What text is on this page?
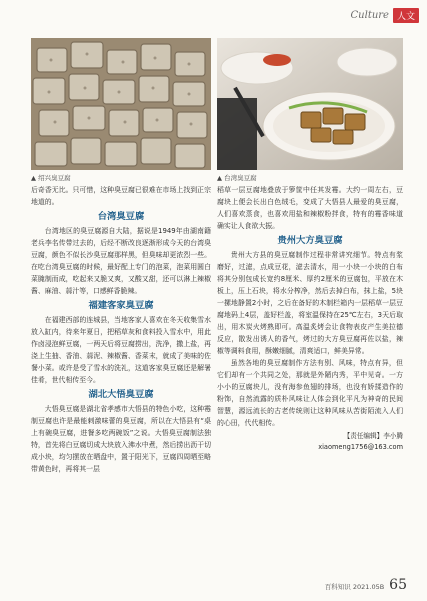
Culture 人文
▲ 绍兴臭豆腐	▲ 台湾臭豆腐

后奇香无比。只可惜，这种臭豆腐已很难在市场上找到正宗地道的。

台湾臭豆腐

台湾地区的臭豆腐源自大陆，据说是1949年由湖南籍老兵李名传带过去的，后经不断改良逐渐形成今天的台湾臭豆腐，颜色不似长沙臭豆腐那样黑，但臭味却更浓烈一些。在吃台湾臭豆腐的时候，最好配上专门的泡菜，泡菜用圆白菜腌制而成，吃起来又脆又爽，又酸又甜，还可以淋上辣椒酱、麻油、蒜汁等，口感鲜香脆辣。

福建客家臭豆腐

在福建西部的连城县，当地客家人喜欢在冬天收集雪水放入缸内，待来年夏日，把稻草灰和食料投入雪水中，用此作卤浸泡鲜豆腐，一两天后将豆腐捞出，洗净，撒上盐，再浇上生抽、香油、蒜泥、辣椒酱、香菜末，就成了美味的佐餐小菜。或许是受了雪水的洗礼，这道客家臭豆腐还是解暑佳肴，世代相传至今。

湖北大悟臭豆腐

大悟臭豆腐是湖北省孝感市大悟县的特色小吃，这种霉制豆腐也许是最能刺激味蕾的臭豆腐，所以在大悟县有“桌上有碗臭豆腐，进餐多吃两碗饭”之说。大悟臭豆腐制法独特，首先将白豆腐切成大块放入沸水中煮，然后捞出沥干切成小块，均匀摆放在晒盘中，置于阳光下，豆腐四周晒至略带黄色时，再将其一层

稻草一层豆腐地叠放于箩筐中任其发霉。大约一周左右，豆腐块上便会长出白色绒毛，变成了大悟县人最爱的臭豆腐，人们喜欢蒸食，也喜欢用盐和辣椒粉拌食，特有的霉香味道确实让人食欲大振。

贵州大方臭豆腐

贵州大方县的臭豆腐制作过程非常讲究细节。特点有浆磨好，过滤，点成豆花，滤去清水，用一小块一小块的白布将其分别包成长宽约8厘米、厚约2厘米的豆腐包，平放在木板上，压上石块，将水分榨净，然后去掉白布，抹上盐，5块一摞地静置2小时，之后在备好的木制栏箱内一层稻草一层豆腐地码上4层，盖好栏盖，将室温保持在25℃左右，3天后取出，用木炭火烤熟即可。高温炙烤会让食物表皮产生美拉德反应，散发出诱人的香气，烤过的大方臭豆腐再佐以盐，辣椒等调料食用，酥嫩细腻，清爽适口，鲜美异常。

虽然各地的臭豆腐制作方法有别、风味，特点有异，但它们却有一个共同之处，那就是外陋内秀，平中见奇。一方小小的豆腐块儿，没有海参鱼翅的排场，也没有娇揉造作的粉饰，自然流露的质朴风味让人体会到化平凡为神奇的民间智慧，源远流长的古老传统则让这种风味从苦街陌流入人们的心田，代代相传。

【责任编辑】李小腾
xiaomeng1756@163.com
百科知识 2021.05B 65
